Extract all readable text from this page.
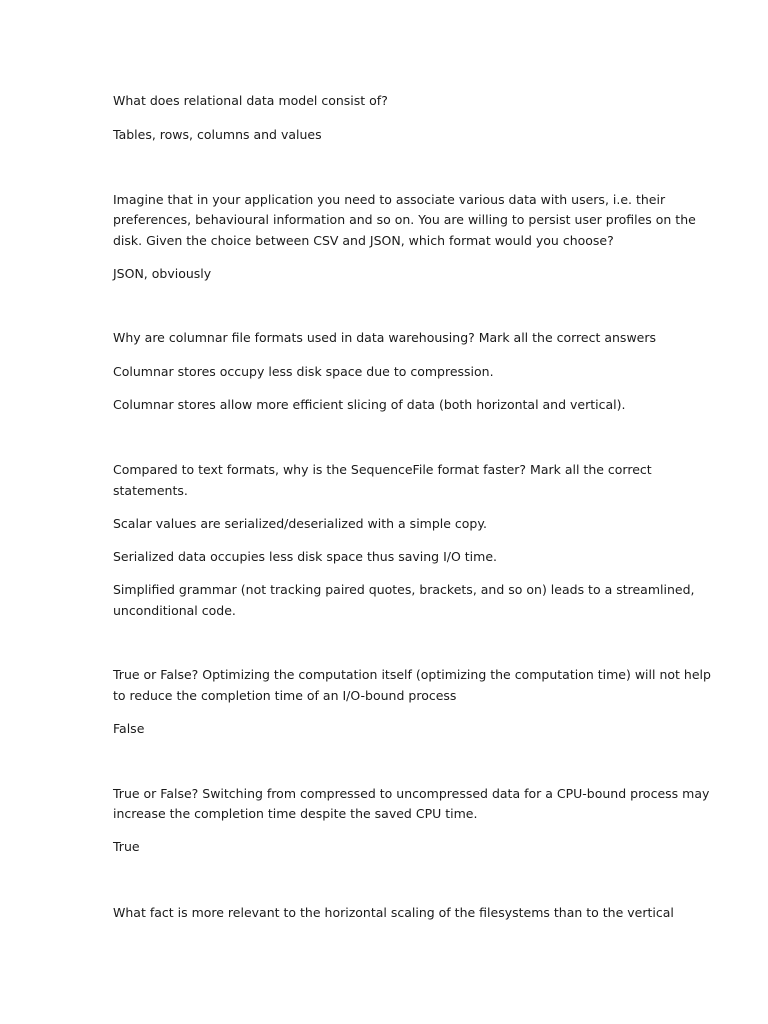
What does relational data model consist of?

Tables, rows, columns and values

Imagine that in your application you need to associate various data with users, i.e. their

preferences, behavioural information and so on. You are willing to persist user profiles on the

disk. Given the choice between CSV and JSON, which format would you choose?

JSON, obviously

Why are columnar file formats used in data warehousing? Mark all the correct answers

Columnar stores occupy less disk space due to compression.

Columnar stores allow more efficient slicing of data (both horizontal and vertical).

Compared to text formats, why is the SequenceFile format faster? Mark all the correct

statements.

Scalar values are serialized/deserialized with a simple copy.

Serialized data occupies less disk space thus saving I/O time.

Simplified grammar (not tracking paired quotes, brackets, and so on) leads to a streamlined,

unconditional code.

True or False? Optimizing the computation itself (optimizing the computation time) will not help

to reduce the completion time of an I/O-bound process

False

True or False? Switching from compressed to uncompressed data for a CPU-bound process may

increase the completion time despite the saved CPU time.

True

What fact is more relevant to the horizontal scaling of the filesystems than to the vertical
